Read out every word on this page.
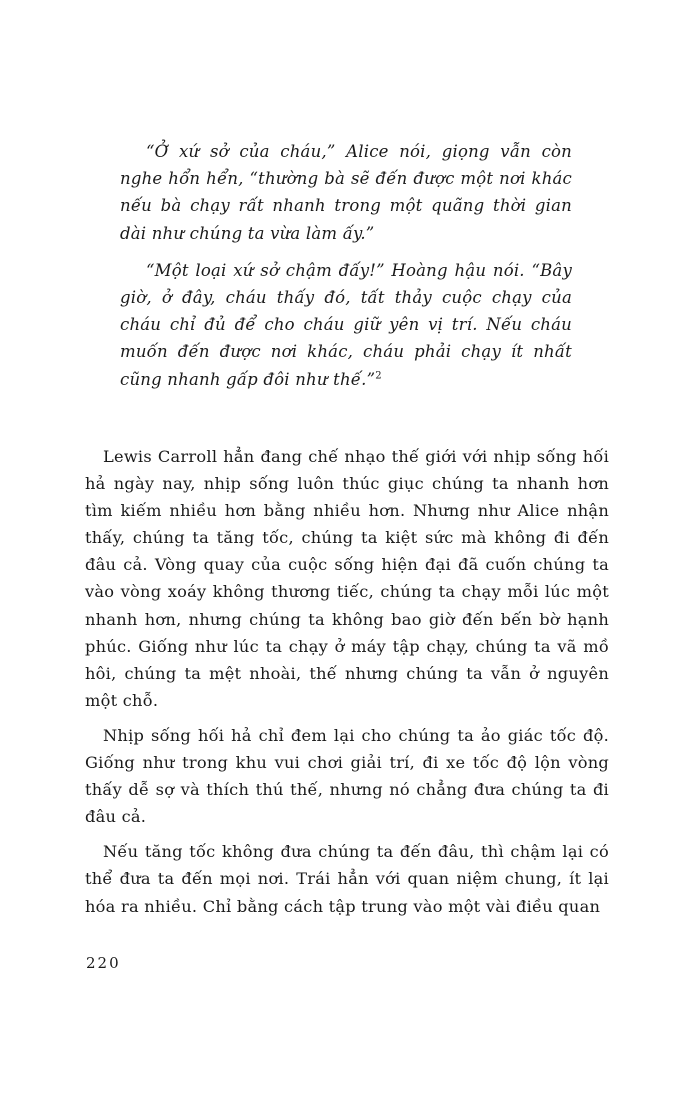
“Ở xứ sở của cháu,” Alice nói, giọng vẫn còn nghe hổn hển, “thường bà sẽ đến được một nơi khác nếu bà chạy rất nhanh trong một quãng thời gian dài như chúng ta vừa làm ấy.”

“Một loại xứ sở chậm đấy!” Hoàng hậu nói. “Bây giờ, ở đây, cháu thấy đó, tất thảy cuộc chạy của cháu chỉ đủ để cho cháu giữ yên vị trí. Nếu cháu muốn đến được nơi khác, cháu phải chạy ít nhất cũng nhanh gấp đôi như thế.”$^2$

Lewis Carroll hẳn đang chế nhạo thế giới với nhịp sống hối hả ngày nay, nhịp sống luôn thúc giục chúng ta nhanh hơn tìm kiếm nhiều hơn bằng nhiều hơn. Nhưng như Alice nhận thấy, chúng ta tăng tốc, chúng ta kiệt sức mà không đi đến đâu cả. Vòng quay của cuộc sống hiện đại đã cuốn chúng ta vào vòng xoáy không thương tiếc, chúng ta chạy mỗi lúc một nhanh hơn, nhưng chúng ta không bao giờ đến bến bờ hạnh phúc. Giống như lúc ta chạy ở máy tập chạy, chúng ta vã mồ hôi, chúng ta mệt nhoài, thế nhưng chúng ta vẫn ở nguyên một chỗ.

Nhịp sống hối hả chỉ đem lại cho chúng ta ảo giác tốc độ. Giống như trong khu vui chơi giải trí, đi xe tốc độ lộn vòng thấy dễ sợ và thích thú thế, nhưng nó chẳng đưa chúng ta đi đâu cả.

Nếu tăng tốc không đưa chúng ta đến đâu, thì chậm lại có thể đưa ta đến mọi nơi. Trái hẳn với quan niệm chung, ít lại hóa ra nhiều. Chỉ bằng cách tập trung vào một vài điều quan

220
